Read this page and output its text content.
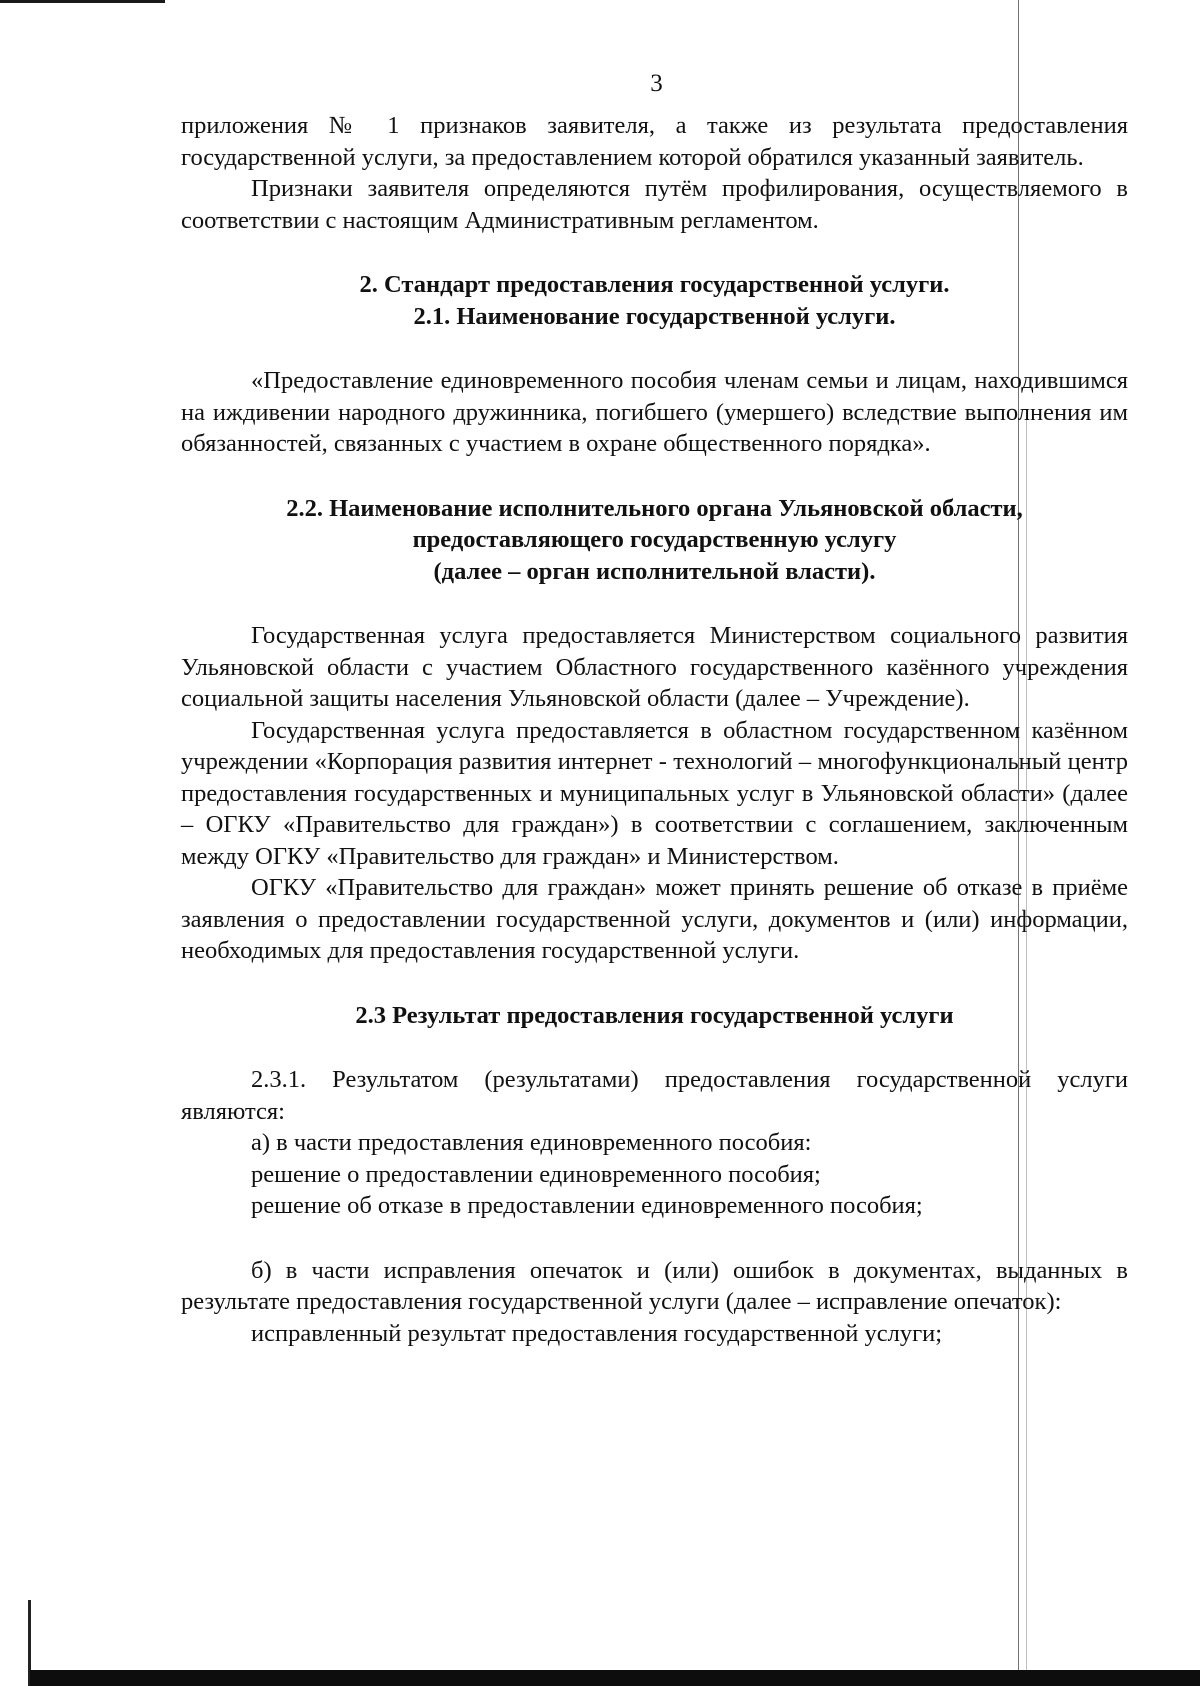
3

приложения № 1 признаков заявителя, а также из результата предоставления государственной услуги, за предоставлением которой обратился указанный заявитель.

Признаки заявителя определяются путём профилирования, осуществляемого в соответствии с настоящим Административным регламентом.

2. Стандарт предоставления государственной услуги.
2.1. Наименование государственной услуги.

«Предоставление единовременного пособия членам семьи и лицам, находившимся на иждивении народного дружинника, погибшего (умершего) вследствие выполнения им обязанностей, связанных с участием в охране общественного порядка».

2.2. Наименование исполнительного органа Ульяновской области,
предоставляющего государственную услугу
(далее – орган исполнительной власти).

Государственная услуга предоставляется Министерством социального развития Ульяновской области с участием Областного государственного казённого учреждения социальной защиты населения Ульяновской области (далее – Учреждение).

Государственная услуга предоставляется в областном государственном казённом учреждении «Корпорация развития интернет - технологий – многофункциональный центр предоставления государственных и муниципальных услуг в Ульяновской области» (далее – ОГКУ «Правительство для граждан») в соответствии с соглашением, заключенным между ОГКУ «Правительство для граждан» и Министерством.

ОГКУ «Правительство для граждан» может принять решение об отказе в приёме заявления о предоставлении государственной услуги, документов и (или) информации, необходимых для предоставления государственной услуги.

2.3 Результат предоставления государственной услуги

2.3.1. Результатом (результатами) предоставления государственной услуги являются:

а) в части предоставления единовременного пособия:

решение о предоставлении единовременного пособия;

решение об отказе в предоставлении единовременного пособия;

б) в части исправления опечаток и (или) ошибок в документах, выданных в результате предоставления государственной услуги (далее – исправление опечаток):

исправленный результат предоставления государственной услуги;
